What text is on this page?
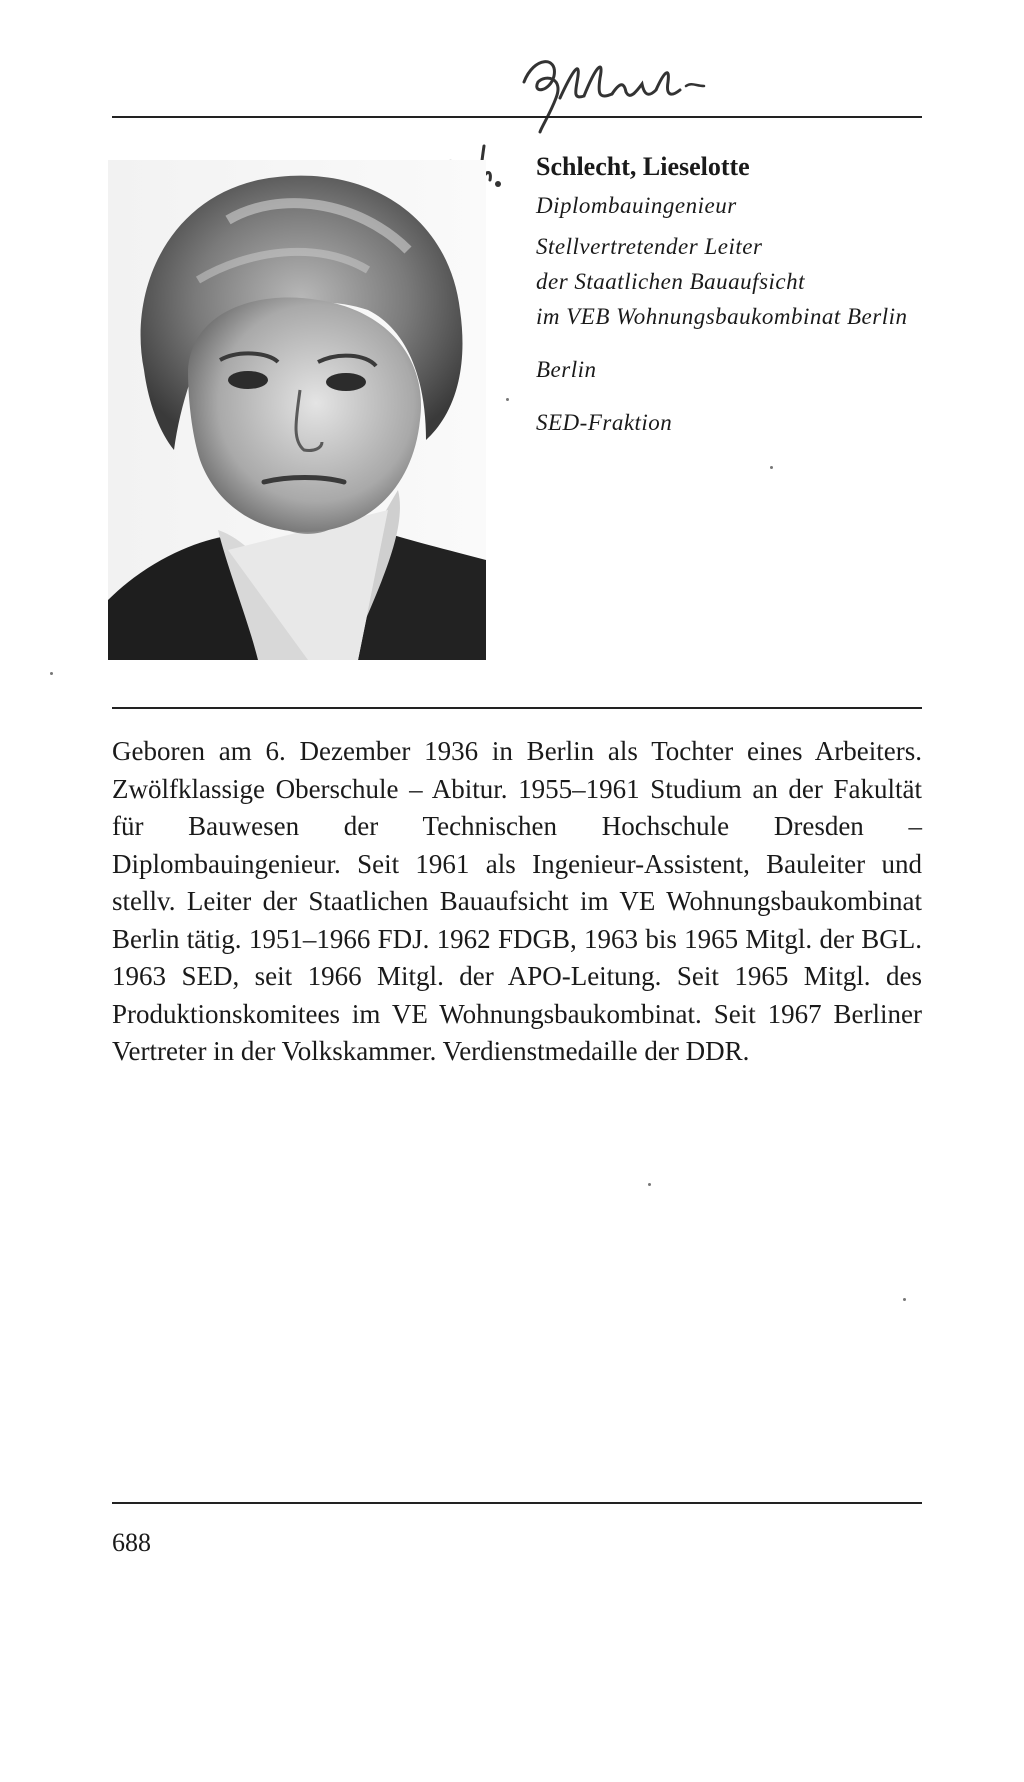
Schlecht, Lieselotte

Diplombauingenieur

Stellvertretender Leiter

der Staatlichen Bauaufsicht

im VEB Wohnungsbaukombinat Berlin

Berlin

SED-Fraktion

Geboren am 6. Dezember 1936 in Berlin als Tochter eines Arbeiters. Zwölfklassige Oberschule – Abitur. 1955–1961 Studium an der Fakultät für Bauwesen der Technischen Hochschule Dresden – Diplombauingenieur. Seit 1961 als Ingenieur-Assistent, Bauleiter und stellv. Leiter der Staatlichen Bauaufsicht im VE Wohnungsbaukombinat Berlin tätig. 1951–1966 FDJ. 1962 FDGB, 1963 bis 1965 Mitgl. der BGL. 1963 SED, seit 1966 Mitgl. der APO-Leitung. Seit 1965 Mitgl. des Produktionskomitees im VE Wohnungsbaukombinat. Seit 1967 Berliner Vertreter in der Volkskammer. Verdienstmedaille der DDR.

688
